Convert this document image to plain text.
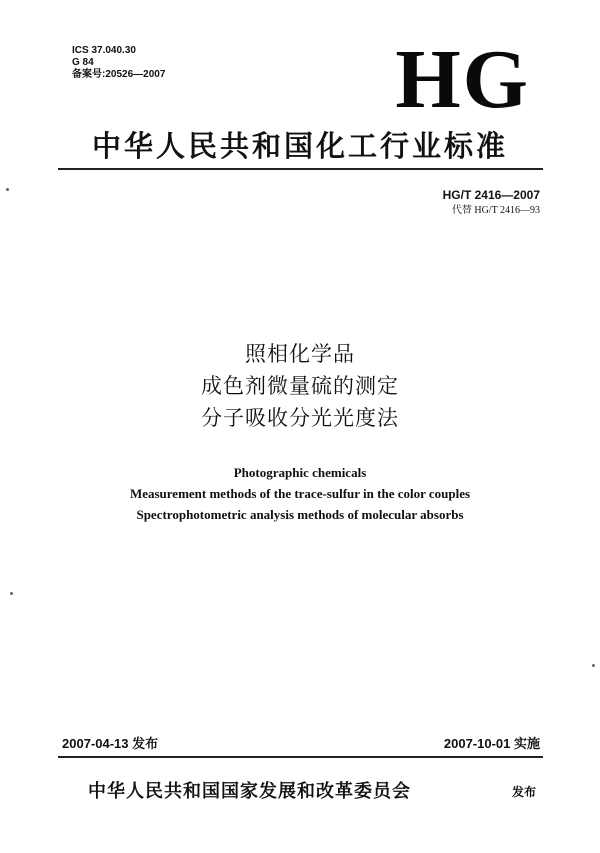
ICS 37.040.30
G 84
备案号:20526—2007	HG
中华人民共和国化工行业标准
HG/T 2416—2007
代替 HG/T 2416—93
照相化学品
成色剂微量硫的测定
分子吸收分光光度法
Photographic chemicals
Measurement methods of the trace-sulfur in the color couples
Spectrophotometric analysis methods of molecular absorbs
2007-04-13 发布	2007-10-01 实施
中华人民共和国国家发展和改革委员会	发布
